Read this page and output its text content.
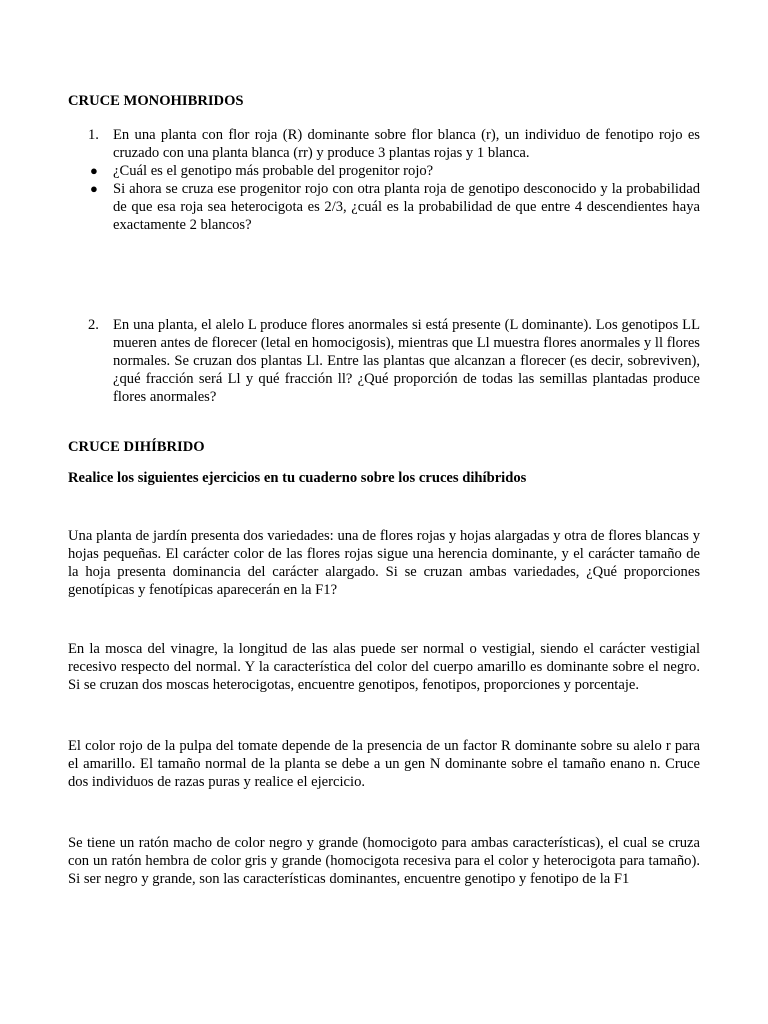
CRUCE MONOHIBRIDOS

1. En una planta con flor roja (R) dominante sobre flor blanca (r), un individuo de fenotipo rojo es cruzado con una planta blanca (rr) y produce 3 plantas rojas y 1 blanca.
● ¿Cuál es el genotipo más probable del progenitor rojo?
● Si ahora se cruza ese progenitor rojo con otra planta roja de genotipo desconocido y la probabilidad de que esa roja sea heterocigota es 2/3, ¿cuál es la probabilidad de que entre 4 descendientes haya exactamente 2 blancos?
2. En una planta, el alelo L produce flores anormales si está presente (L dominante). Los genotipos LL mueren antes de florecer (letal en homocigosis), mientras que Ll muestra flores anormales y ll flores normales. Se cruzan dos plantas Ll. Entre las plantas que alcanzan a florecer (es decir, sobreviven), ¿qué fracción será Ll y qué fracción ll? ¿Qué proporción de todas las semillas plantadas produce flores anormales?

CRUCE DIHÍBRIDO

Realice los siguientes ejercicios en tu cuaderno sobre los cruces dihíbridos

Una planta de jardín presenta dos variedades: una de flores rojas y hojas alargadas y otra de flores blancas y hojas pequeñas. El carácter color de las flores rojas sigue una herencia dominante, y el carácter tamaño de la hoja presenta dominancia del carácter alargado. Si se cruzan ambas variedades, ¿Qué proporciones genotípicas y fenotípicas aparecerán en la F1?
En la mosca del vinagre, la longitud de las alas puede ser normal o vestigial, siendo el carácter vestigial recesivo respecto del normal. Y la característica del color del cuerpo amarillo es dominante sobre el negro. Si se cruzan dos moscas heterocigotas, encuentre genotipos, fenotipos, proporciones y porcentaje.
El color rojo de la pulpa del tomate depende de la presencia de un factor R dominante sobre su alelo r para el amarillo. El tamaño normal de la planta se debe a un gen N dominante sobre el tamaño enano n. Cruce dos individuos de razas puras y realice el ejercicio.
Se tiene un ratón macho de color negro y grande (homocigoto para ambas características), el cual se cruza con un ratón hembra de color gris y grande (homocigota recesiva para el color y heterocigota para tamaño). Si ser negro y grande, son las características dominantes, encuentre genotipo y fenotipo de la F1
